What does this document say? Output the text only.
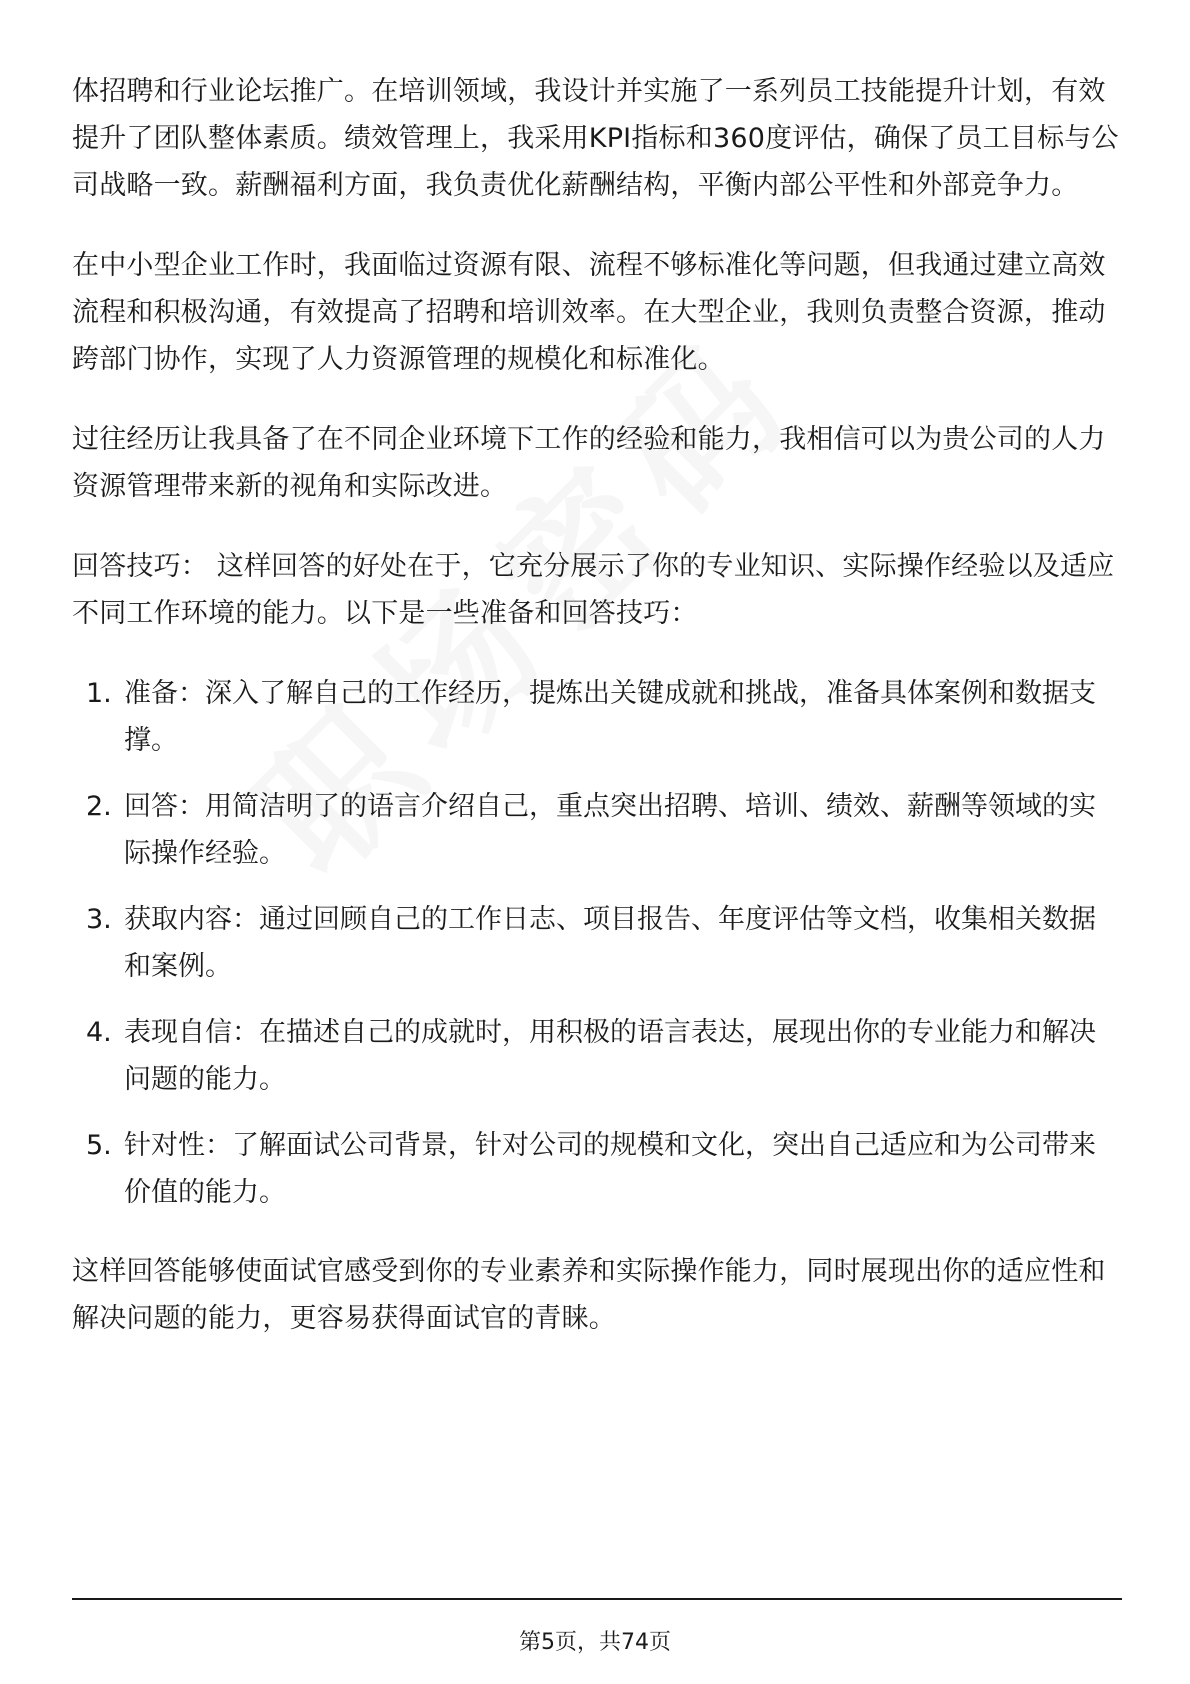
体招聘和行业论坛推广。在培训领域，我设计并实施了一系列员工技能提升计划，有效提升了团队整体素质。绩效管理上，我采用KPI指标和360度评估，确保了员工目标与公司战略一致。薪酬福利方面，我负责优化薪酬结构，平衡内部公平性和外部竞争力。

在中小型企业工作时，我面临过资源有限、流程不够标准化等问题，但我通过建立高效流程和积极沟通，有效提高了招聘和培训效率。在大型企业，我则负责整合资源，推动跨部门协作，实现了人力资源管理的规模化和标准化。

过往经历让我具备了在不同企业环境下工作的经验和能力，我相信可以为贵公司的人力资源管理带来新的视角和实际改进。

回答技巧： 这样回答的好处在于，它充分展示了你的专业知识、实际操作经验以及适应不同工作环境的能力。以下是一些准备和回答技巧：

1. 准备：深入了解自己的工作经历，提炼出关键成就和挑战，准备具体案例和数据支撑。
2. 回答：用简洁明了的语言介绍自己，重点突出招聘、培训、绩效、薪酬等领域的实际操作经验。
3. 获取内容：通过回顾自己的工作日志、项目报告、年度评估等文档，收集相关数据和案例。
4. 表现自信：在描述自己的成就时，用积极的语言表达，展现出你的专业能力和解决问题的能力。
5. 针对性：了解面试公司背景，针对公司的规模和文化，突出自己适应和为公司带来价值的能力。

这样回答能够使面试官感受到你的专业素养和实际操作能力，同时展现出你的适应性和解决问题的能力，更容易获得面试官的青睐。

第5页，共74页
